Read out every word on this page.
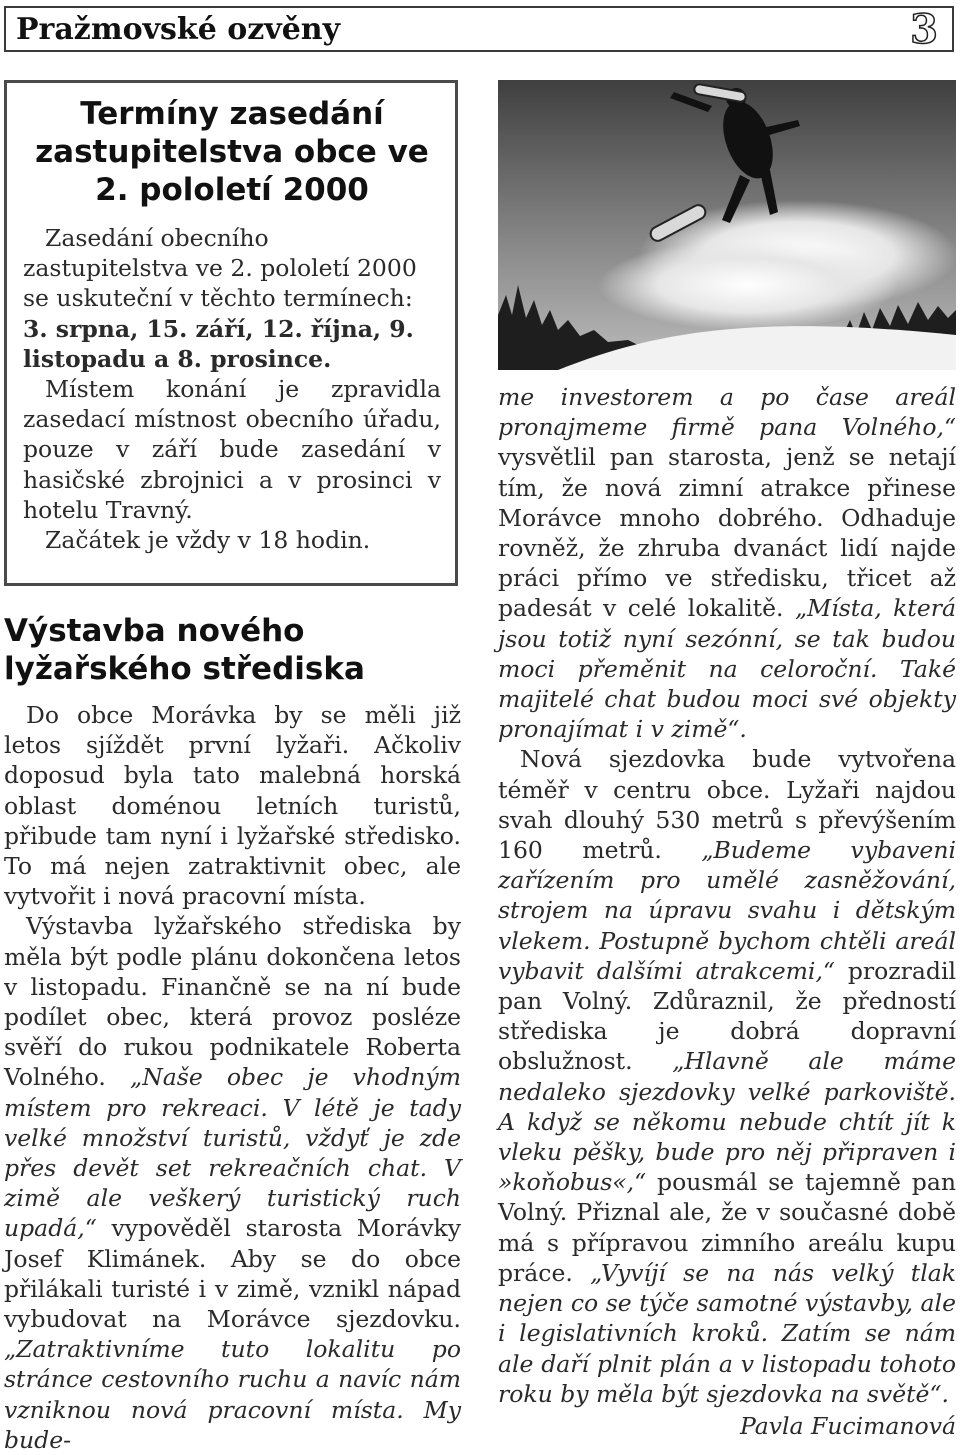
Pražmovské ozvěny	3
Termíny zasedání zastupitelstva obce ve 2. pololetí 2000

Zasedání obecního zastupitelstva ve 2. pololetí 2000 se uskuteční v těchto termínech: 3. srpna, 15. září, 12. října, 9. listopadu a 8. prosince.

Místem konání je zpravidla zasedací místnost obecního úřadu, pouze v září bude zasedání v hasičské zbrojnici a v prosinci v hotelu Travný.

Začátek je vždy v 18 hodin.

me investorem a po čase areál pronajmeme firmě pana Volného,“ vysvětlil pan starosta, jenž se netají tím, že nová zimní atrakce přinese Morávce mnoho dobrého. Odhaduje rovněž, že zhruba dvanáct lidí najde práci přímo ve středisku, třicet až padesát v celé lokalitě. „Místa, která jsou totiž nyní sezónní, se tak budou moci přeměnit na celoroční. Také majitelé chat budou moci své objekty pronajímat i v zimě“.

Nová sjezdovka bude vytvořena téměř v centru obce. Lyžaři najdou svah dlouhý 530 metrů s převýšením 160 metrů. „Budeme vybaveni zařízením pro umělé zasněžování, strojem na úpravu svahu i dětským vlekem. Postupně bychom chtěli areál vybavit dalšími atrakcemi,“ prozradil pan Volný. Zdůraznil, že předností střediska je dobrá dopravní obslužnost. „Hlavně ale máme nedaleko sjezdovky velké parkoviště. A když se někomu nebude chtít jít k vleku pěšky, bude pro něj připraven i »koňobus«,“ pousmál se tajemně pan Volný. Přiznal ale, že v současné době má s přípravou zimního areálu kupu práce. „Vyvíjí se na nás velký tlak nejen co se týče samotné výstavby, ale i legislativních kroků. Zatím se nám ale daří plnit plán a v listopadu tohoto roku by měla být sjezdovka na světě“.

Pavla Fucimanová

Výstavba nového lyžařského střediska

Do obce Morávka by se měli již letos sjíždět první lyžaři. Ačkoliv doposud byla tato malebná horská oblast doménou letních turistů, přibude tam nyní i lyžařské středisko. To má nejen zatraktivnit obec, ale vytvořit i nová pracovní místa.

Výstavba lyžařského střediska by měla být podle plánu dokončena letos v listopadu. Finančně se na ní bude podílet obec, která provoz posléze svěří do rukou podnikatele Roberta Volného. „Naše obec je vhodným místem pro rekreaci. V létě je tady velké množství turistů, vždyť je zde přes devět set rekreačních chat. V zimě ale veškerý turistický ruch upadá,“ vypověděl starosta Morávky Josef Klimánek. Aby se do obce přilákali turisté i v zimě, vznikl nápad vybudovat na Morávce sjezdovku. „Zatraktivníme tuto lokalitu po stránce cestovního ruchu a navíc nám vzniknou nová pracovní místa. My bude-
